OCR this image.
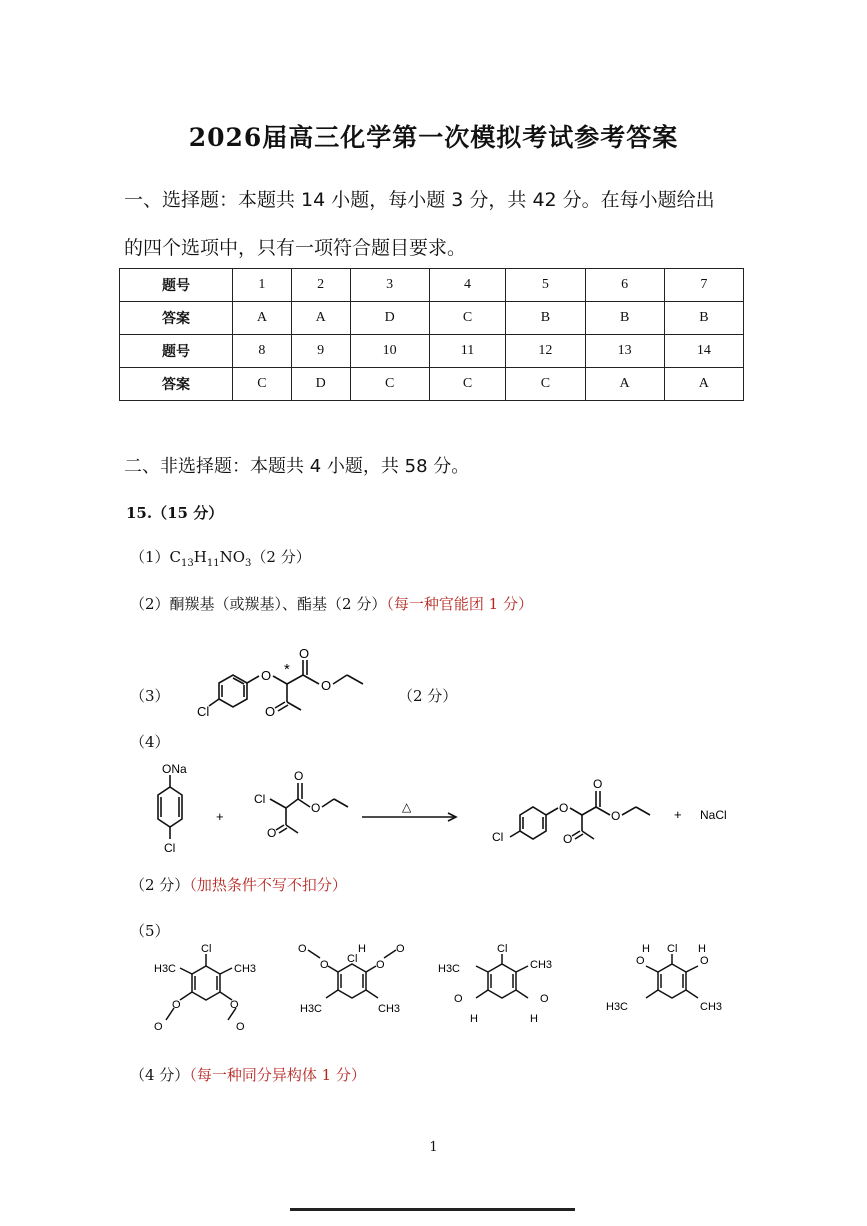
2026届高三化学第一次模拟考试参考答案
一、选择题：本题共 14 小题，每小题 3 分，共 42 分。在每小题给出
的四个选项中，只有一项符合题目要求。
题号	1	2	3	4	5	6	7
答案	A	A	D	C	B	B	B
题号	8	9	10	11	12	13	14
答案	C	D	C	C	C	A	A
二、非选择题：本题共 4 小题，共 58 分。
15.（15 分）
$(1)C_{13}H_{11}NO_3(2$ 分）
（2）酮羰基（或羰基）、酯基（2 分）（每一种官能团 1 分）
（3）
Cl
O
O
O
O
*
（2 分）
（4）
ONa
Cl
+
Cl
O
O
O
△
Cl
O
O
O
O
+ NaCl
（2 分）（加热条件不写不扣分）
（5）
Cl
H3C	CH3
O	O
O	O
Cl
O	O
O	H	O
H3C	CH3
Cl
H3C	CH3
O
H
O
H
Cl
O
H
O
H
H3C	CH3
（4 分）（每一种同分异构体 1 分）
1
